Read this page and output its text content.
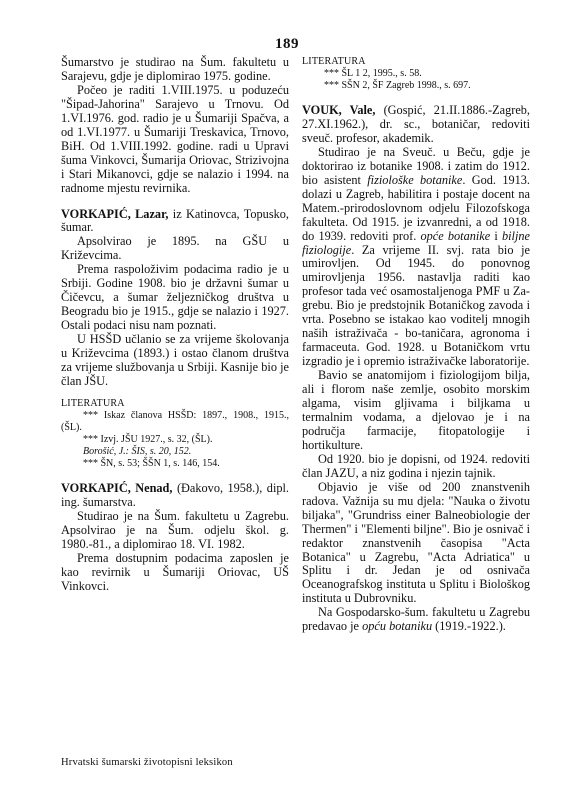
189

Šumarstvo je studirao na Šum. fakultetu u Sarajevu, gdje je diplomirao 1975. godine.

Počeo je raditi 1.VIII.1975. u poduzeću "Šipad-Jahorina" Sarajevo u Trnovu. Od 1.VI.1976. god. radio je u Šumariji Spačva, a od 1.VI.1977. u Šumariji Treskavica, Trnovo, BiH. Od 1.VIII.1992. godine. radi u Upravi šuma Vinkovci, Šumarija Oriovac, Strizivojna i Stari Mikanovci, gdje se nalazio i 1994. na radnome mjestu revirnika.

VORKAPIĆ, Lazar, iz Katinovca, Topusko, šumar.

Apsolvirao je 1895. na GŠU u Križevcima.

Prema raspoloživim podacima radio je u Srbiji. Godine 1908. bio je državni šumar u Čičevcu, a šumar željezničkog društva u Beogradu bio je 1915., gdje se nalazio i 1927. Ostali podaci nisu nam poznati.

U HSŠD učlanio se za vrijeme školovanja u Križevcima (1893.) i ostao članom društva za vrijeme službovanja u Srbiji. Kasnije bio je član JŠU.

LITERATURA

*** Iskaz članova HSŠD: 1897., 1908., 1915., (ŠL).

*** Izvj. JŠU 1927., s. 32, (ŠL).

Borošić, J.: ŠIS, s. 20, 152.

*** ŠN, s. 53; ŠŠN 1, s. 146, 154.

VORKAPIĆ, Nenad, (Đakovo, 1958.), dipl. ing. šumarstva.

Studirao je na Šum. fakultetu u Zagrebu. Apsolvirao je na Šum. odjelu škol. g. 1980.-81., a diplomirao 18. VI. 1982.

Prema dostupnim podacima zaposlen je kao revirnik u Šumariji Oriovac, UŠ Vinkovci.

LITERATURA

*** ŠL 1 2, 1995., s. 58.

*** SŠN 2, ŠF Zagreb 1998., s. 697.

VOUK, Vale, (Gospić, 21.II.1886.-Zagreb, 27.XI.1962.), dr. sc., botaničar, redoviti sveuč. profesor, akademik.

Studirao je na Sveuč. u Beču, gdje je doktorirao iz botanike 1908. i zatim do 1912. bio asistent fiziološke botanike. God. 1913. dolazi u Zagreb, habilitira i postaje docent na Matem.-prirodoslovnom odjelu Filozofskoga fakulteta. Od 1915. je izvanredni, a od 1918. do 1939. redoviti prof. opće botanike i biljne fiziologije. Za vrijeme II. svj. rata bio je umirovljen. Od 1945. do ponovnog umirovljenja 1956. nastavlja raditi kao profesor tada već osamostaljenoga PMF u Za-grebu. Bio je predstojnik Botaničkog zavoda i vrta. Posebno se istakao kao voditelj mnogih naših istraživača - bo-taničara, agronoma i farmaceuta. God. 1928. u Botaničkom vrtu izgradio je i opremio istraživačke laboratorije.

Bavio se anatomijom i fiziologijom bilja, ali i florom naše zemlje, osobito morskim algama, visim gljivama i biljkama u termalnim vodama, a djelovao je i na područja farmacije, fitopatologije i hortikulture.

Od 1920. bio je dopisni, od 1924. redoviti član JAZU, a niz godina i njezin tajnik.

Objavio je više od 200 znanstvenih radova. Važnija su mu djela: "Nauka o životu biljaka", "Grundriss einer Balneobiologie der Thermen" i "Elementi biljne". Bio je osnivač i redaktor znanstvenih časopisa "Acta Botanica" u Zagrebu, "Acta Adriatica" u Splitu i dr. Jedan je od osnivača Oceanografskog instituta u Splitu i Biološkog instituta u Dubrovniku.

Na Gospodarsko-šum. fakultetu u Zagrebu predavao je opću botaniku (1919.-1922.).

Hrvatski šumarski životopisni leksikon
